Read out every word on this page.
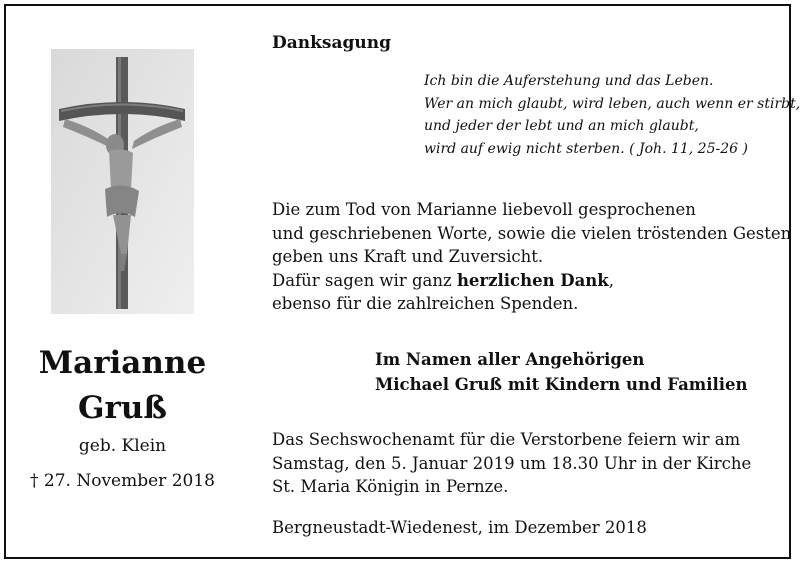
Marianne
Gruß
geb. Klein
† 27. November 2018
Danksagung
Ich bin die Auferstehung und das Leben.
Wer an mich glaubt, wird leben, auch wenn er stirbt,
und jeder der lebt und an mich glaubt,
wird auf ewig nicht sterben. ( Joh. 11, 25-26 )
Die zum Tod von Marianne liebevoll gesprochenen
und geschriebenen Worte, sowie die vielen tröstenden Gesten
geben uns Kraft und Zuversicht.
Dafür sagen wir ganz herzlichen Dank,
ebenso für die zahlreichen Spenden.
Im Namen aller Angehörigen
Michael Gruß mit Kindern und Familien
Das Sechswochenamt für die Verstorbene feiern wir am
Samstag, den 5. Januar 2019 um 18.30 Uhr in der Kirche
St. Maria Königin in Pernze.
Bergneustadt-Wiedenest, im Dezember 2018
